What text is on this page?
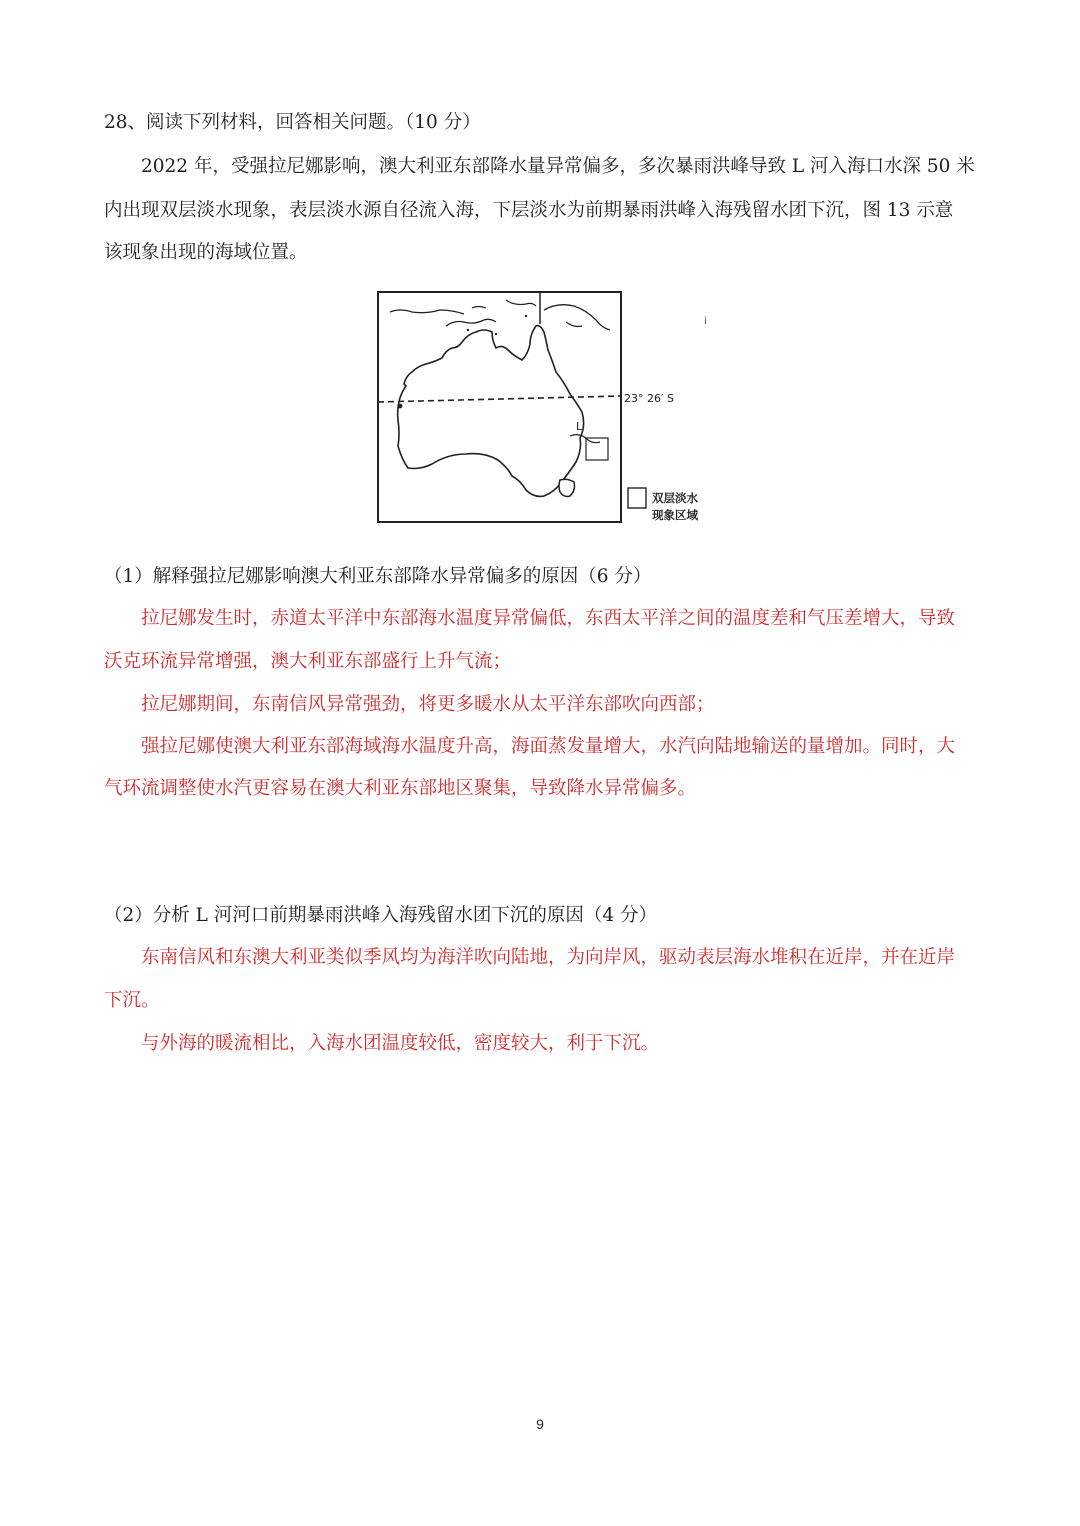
28、阅读下列材料，回答相关问题。（10 分）
2022 年，受强拉尼娜影响，澳大利亚东部降水量异常偏多，多次暴雨洪峰导致 L 河入海口水深 50 米
内出现双层淡水现象，表层淡水源自径流入海，下层淡水为前期暴雨洪峰入海残留水团下沉，图 13 示意
该现象出现的海域位置。
L
23° 26′ S
ⅰ
双层淡水
现象区域
（1）解释强拉尼娜影响澳大利亚东部降水异常偏多的原因（6 分）
拉尼娜发生时，赤道太平洋中东部海水温度异常偏低，东西太平洋之间的温度差和气压差增大，导致
沃克环流异常增强，澳大利亚东部盛行上升气流；
拉尼娜期间，东南信风异常强劲，将更多暖水从太平洋东部吹向西部；
强拉尼娜使澳大利亚东部海域海水温度升高，海面蒸发量增大，水汽向陆地输送的量增加。同时，大
气环流调整使水汽更容易在澳大利亚东部地区聚集，导致降水异常偏多。
（2）分析 L 河河口前期暴雨洪峰入海残留水团下沉的原因（4 分）
东南信风和东澳大利亚类似季风均为海洋吹向陆地，为向岸风，驱动表层海水堆积在近岸，并在近岸
下沉。
与外海的暖流相比，入海水团温度较低，密度较大，利于下沉。
9
